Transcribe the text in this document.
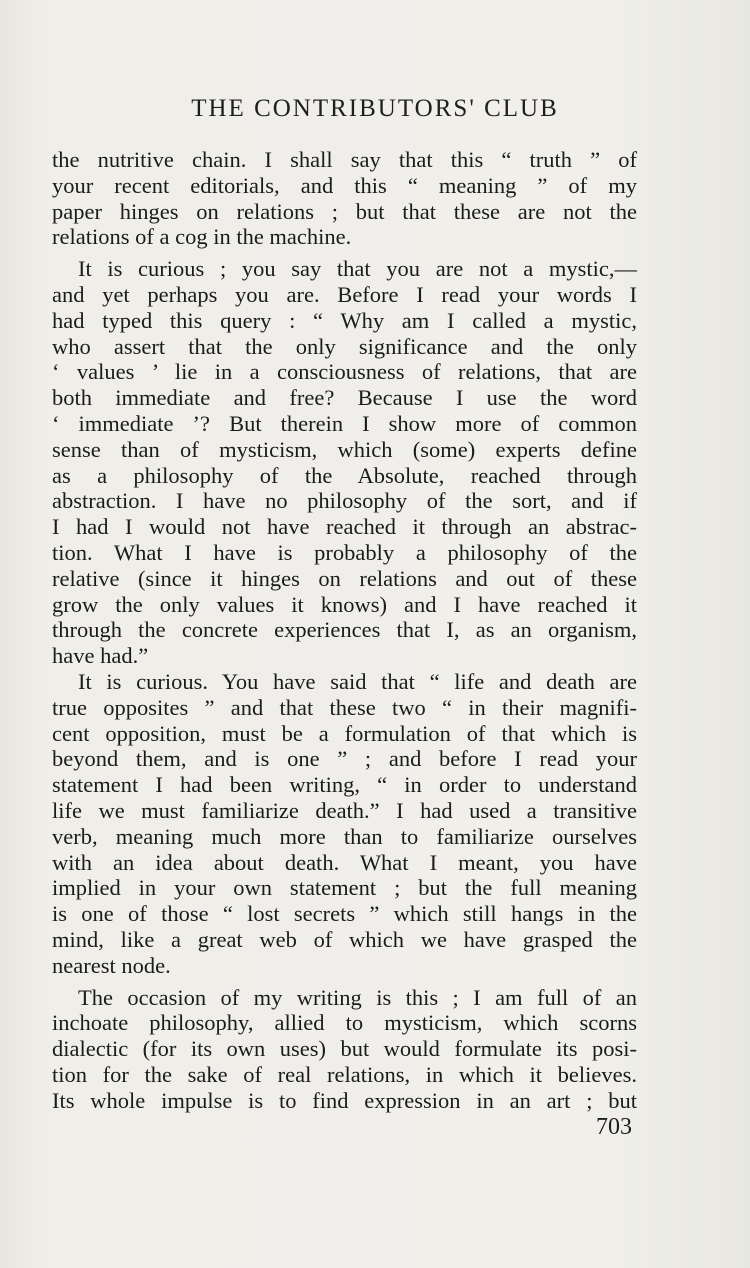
THE CONTRIBUTORS' CLUB
the nutritive chain. I shall say that this “ truth ” of
your recent editorials, and this “ meaning ” of my
paper hinges on relations ; but that these are not the
relations of a cog in the machine.
It is curious ; you say that you are not a mystic,—
and yet perhaps you are. Before I read your words I
had typed this query : “ Why am I called a mystic,
who assert that the only significance and the only
‘ values ’ lie in a consciousness of relations, that are
both immediate and free? Because I use the word
‘ immediate ’? But therein I show more of common
sense than of mysticism, which (some) experts define
as a philosophy of the Absolute, reached through
abstraction. I have no philosophy of the sort, and if
I had I would not have reached it through an abstrac-
tion. What I have is probably a philosophy of the
relative (since it hinges on relations and out of these
grow the only values it knows) and I have reached it
through the concrete experiences that I, as an organism,
have had.”
It is curious. You have said that “ life and death are
true opposites ” and that these two “ in their magnifi-
cent opposition, must be a formulation of that which is
beyond them, and is one ” ; and before I read your
statement I had been writing, “ in order to understand
life we must familiarize death.” I had used a transitive
verb, meaning much more than to familiarize ourselves
with an idea about death. What I meant, you have
implied in your own statement ; but the full meaning
is one of those “ lost secrets ” which still hangs in the
mind, like a great web of which we have grasped the
nearest node.
The occasion of my writing is this ; I am full of an
inchoate philosophy, allied to mysticism, which scorns
dialectic (for its own uses) but would formulate its posi-
tion for the sake of real relations, in which it believes.
Its whole impulse is to find expression in an art ; but
703
